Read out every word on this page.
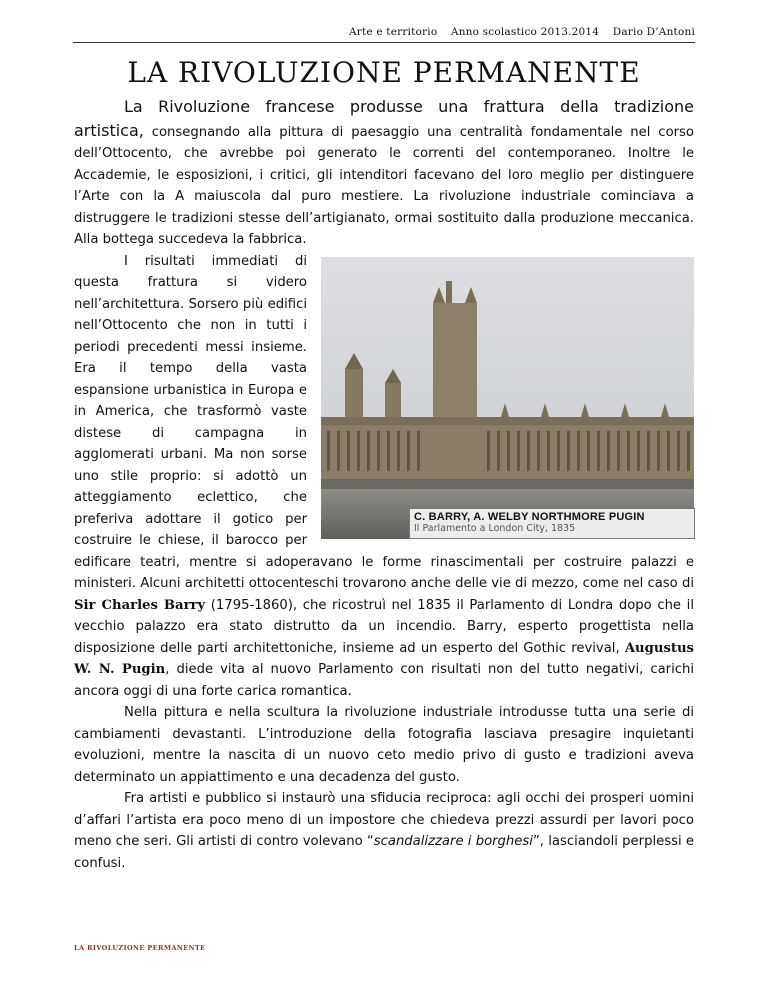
Arte e territorio Anno scolastico 2013.2014 Dario D’Antoni
LA RIVOLUZIONE PERMANENTE

La Rivoluzione francese produsse una frattura della tradizione artistica, consegnando alla pittura di paesaggio una centralità fondamentale nel corso dell’Ottocento, che avrebbe poi generato le correnti del contemporaneo. Inoltre le Accademie, le esposizioni, i critici, gli intenditori facevano del loro meglio per distinguere l’Arte con la A maiuscola dal puro mestiere. La rivoluzione industriale cominciava a distruggere le tradizioni stesse dell’artigianato, ormai sostituito dalla produzione meccanica. Alla bottega succedeva la fabbrica.

C. BARRY, A. WELBY NORTHMORE PUGIN
Il Parlamento a London City, 1835

I risultati immediati di questa frattura si videro nell’architettura. Sorsero più edifici nell’Ottocento che non in tutti i periodi precedenti messi insieme. Era il tempo della vasta espansione urbanistica in Europa e in America, che trasformò vaste distese di campagna in agglomerati urbani. Ma non sorse uno stile proprio: si adottò un atteggiamento eclettico, che preferiva adottare il gotico per costruire le chiese, il barocco per edificare teatri, mentre si adoperavano le forme rinascimentali per costruire palazzi e ministeri. Alcuni architetti ottocenteschi trovarono anche delle vie di mezzo, come nel caso di Sir Charles Barry (1795-1860), che ricostruì nel 1835 il Parlamento di Londra dopo che il vecchio palazzo era stato distrutto da un incendio. Barry, esperto progettista nella disposizione delle parti architettoniche, insieme ad un esperto del Gothic revival, Augustus W. N. Pugin, diede vita al nuovo Parlamento con risultati non del tutto negativi, carichi ancora oggi di una forte carica romantica.

Nella pittura e nella scultura la rivoluzione industriale introdusse tutta una serie di cambiamenti devastanti. L’introduzione della fotografia lasciava presagire inquietanti evoluzioni, mentre la nascita di un nuovo ceto medio privo di gusto e tradizioni aveva determinato un appiattimento e una decadenza del gusto.

Fra artisti e pubblico si instaurò una sfiducia reciproca: agli occhi dei prosperi uomini d’affari l’artista era poco meno di un impostore che chiedeva prezzi assurdi per lavori poco meno che seri. Gli artisti di contro volevano “scandalizzare i borghesi”, lasciandoli perplessi e confusi.

LA RIVOLUZIONE PERMANENTE
